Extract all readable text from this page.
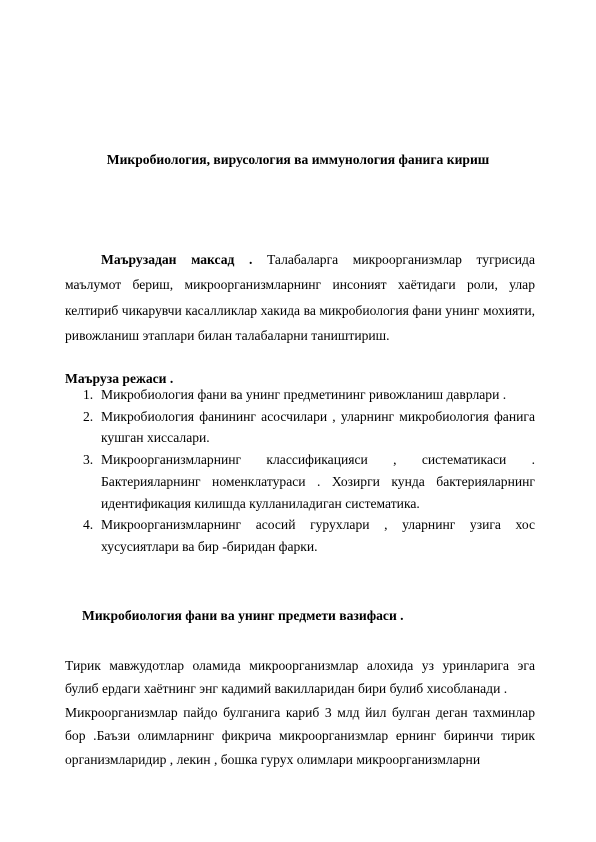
Микробиология, вирусология ва иммунология фанига кириш

Маърузадан максад . Талабаларга микроорганизмлар тугрисида маълумот бериш, микроорганизмларнинг инсоният хаётидаги роли, улар келтириб чикарувчи касалликлар хакида ва микробиология фани унинг мохияти, ривожланиш этаплари билан талабаларни таништириш.

Маъруза режаси .

1. Микробиология фани ва унинг предметининг ривожланиш даврлари .
2. Микробиология фанининг асосчилари , уларнинг микробиология фанига кушган хиссалари.
3. Микроорганизмларнинг классификацияси , систематикаси . Бактерияларнинг номенклатураси . Хозирги кунда бактерияларнинг идентификация килишда кулланиладиган систематика.
4. Микроорганизмларнинг асосий гурухлари , уларнинг узига хос хусусиятлари ва бир -биридан фарки.

Микробиология фани ва унинг предмети вазифаси .

Тирик мавжудотлар оламида микроорганизмлар алохида уз уринларига эга булиб ердаги хаётнинг энг кадимий вакилларидан бири булиб хисобланади .

Микроорганизмлар пайдо булганига кариб 3 млд йил булган деган тахминлар бор .Баъзи олимларнинг фикрича микроорганизмлар ернинг биринчи тирик организмларидир , лекин , бошка гурух олимлари микроорганизмларни
